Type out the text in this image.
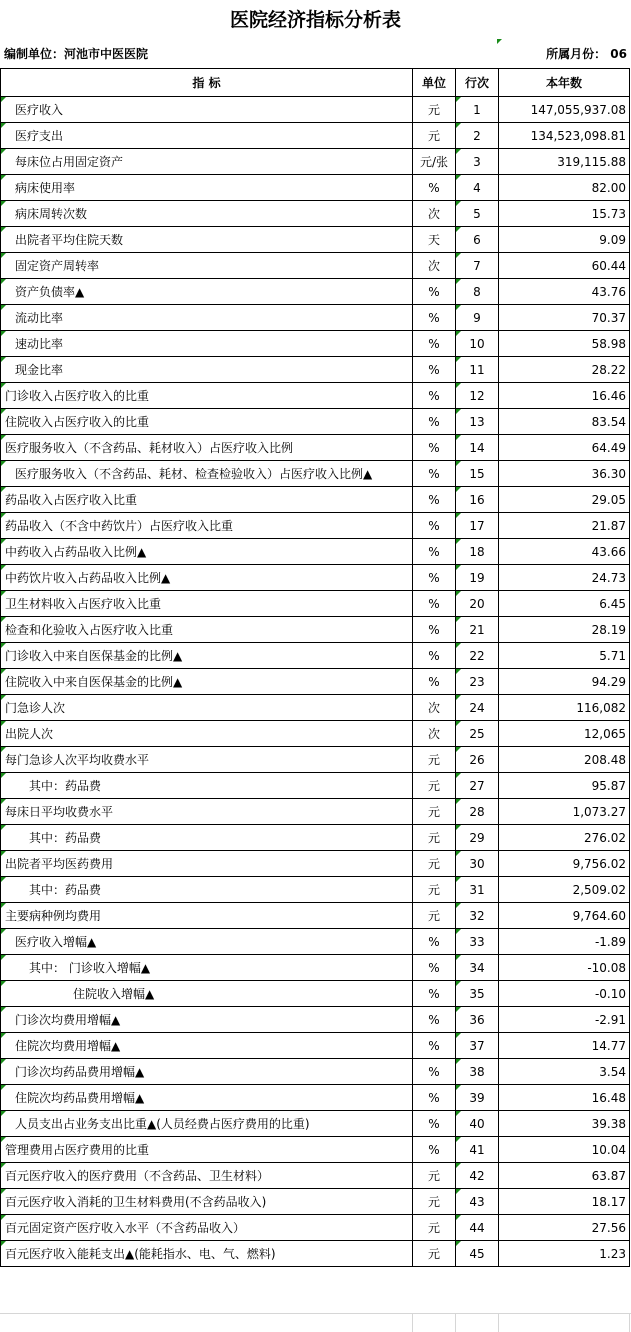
医院经济指标分析表
编制单位：河池市中医医院	所属月份： 06
指 标	单位	行次	本年数
医疗收入	元	1	147,055,937.08
医疗支出	元	2	134,523,098.81
每床位占用固定资产	元/张	3	319,115.88
病床使用率	%	4	82.00
病床周转次数	次	5	15.73
出院者平均住院天数	天	6	9.09
固定资产周转率	次	7	60.44
资产负债率▲	%	8	43.76
流动比率	%	9	70.37
速动比率	%	10	58.98
现金比率	%	11	28.22
门诊收入占医疗收入的比重	%	12	16.46
住院收入占医疗收入的比重	%	13	83.54
医疗服务收入（不含药品、耗材收入）占医疗收入比例	%	14	64.49
医疗服务收入（不含药品、耗材、检查检验收入）占医疗收入比例▲	%	15	36.30
药品收入占医疗收入比重	%	16	29.05
药品收入（不含中药饮片）占医疗收入比重	%	17	21.87
中药收入占药品收入比例▲	%	18	43.66
中药饮片收入占药品收入比例▲	%	19	24.73
卫生材料收入占医疗收入比重	%	20	6.45
检查和化验收入占医疗收入比重	%	21	28.19
门诊收入中来自医保基金的比例▲	%	22	5.71
住院收入中来自医保基金的比例▲	%	23	94.29
门急诊人次	次	24	116,082
出院人次	次	25	12,065
每门急诊人次平均收费水平	元	26	208.48
其中：药品费	元	27	95.87
每床日平均收费水平	元	28	1,073.27
其中：药品费	元	29	276.02
出院者平均医药费用	元	30	9,756.02
其中：药品费	元	31	2,509.02
主要病种例均费用	元	32	9,764.60
医疗收入增幅▲	%	33	-1.89
其中： 门诊收入增幅▲	%	34	-10.08
住院收入增幅▲	%	35	-0.10
门诊次均费用增幅▲	%	36	-2.91
住院次均费用增幅▲	%	37	14.77
门诊次均药品费用增幅▲	%	38	3.54
住院次均药品费用增幅▲	%	39	16.48
人员支出占业务支出比重▲(人员经费占医疗费用的比重)	%	40	39.38
管理费用占医疗费用的比重	%	41	10.04
百元医疗收入的医疗费用（不含药品、卫生材料）	元	42	63.87
百元医疗收入消耗的卫生材料费用(不含药品收入)	元	43	18.17
百元固定资产医疗收入水平（不含药品收入）	元	44	27.56
百元医疗收入能耗支出▲(能耗指水、电、气、燃料)	元	45	1.23
